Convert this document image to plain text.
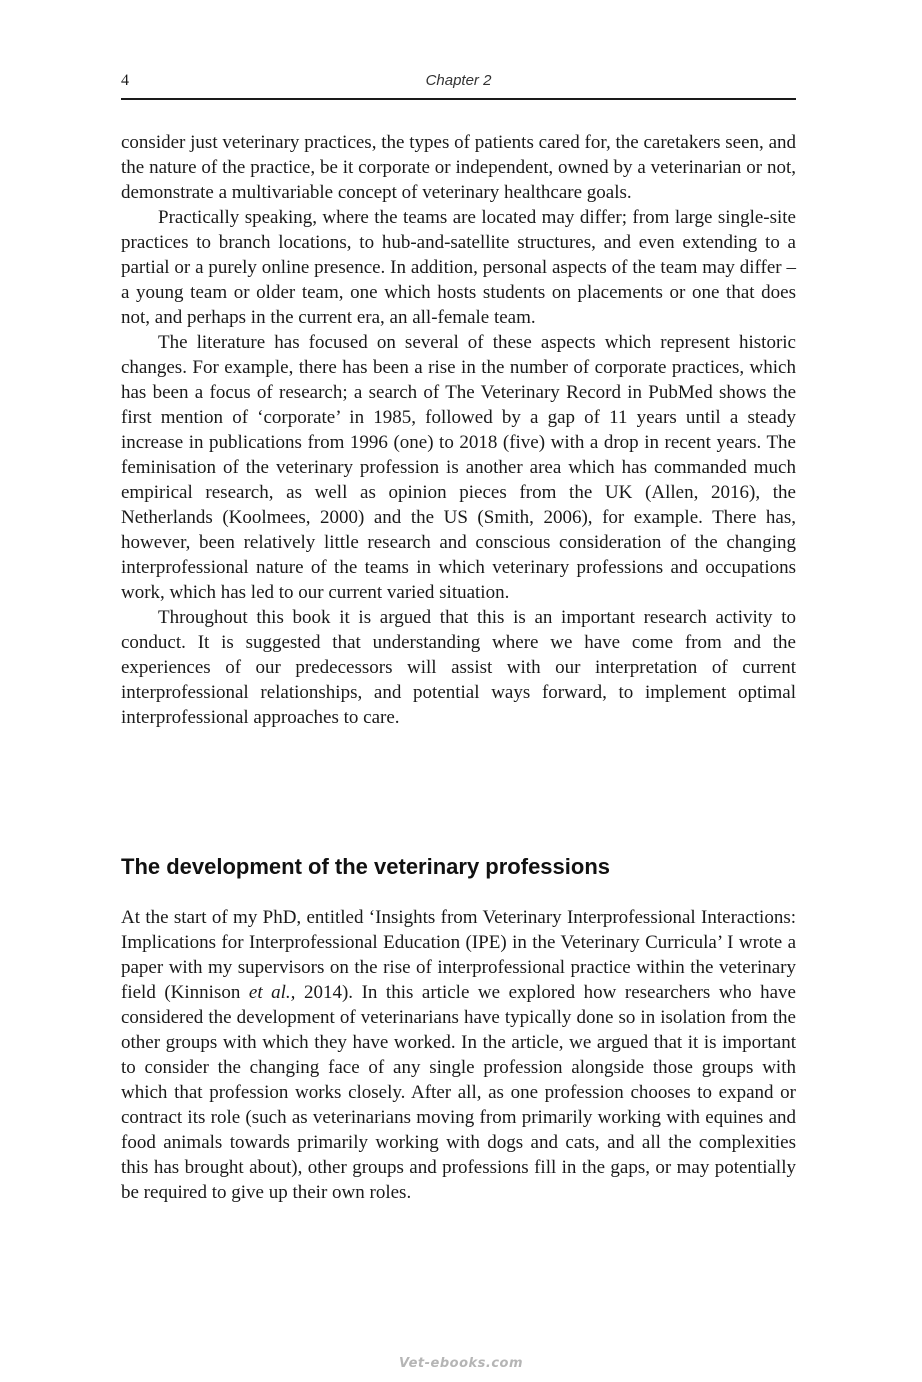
4	Chapter 2

consider just veterinary practices, the types of patients cared for, the caretakers seen, and the nature of the practice, be it corporate or independent, owned by a veterinarian or not, demonstrate a multivariable concept of veterinary healthcare goals.

Practically speaking, where the teams are located may differ; from large single-site practices to branch locations, to hub-and-satellite structures, and even extending to a partial or a purely online presence. In addition, personal aspects of the team may differ – a young team or older team, one which hosts students on placements or one that does not, and perhaps in the current era, an all-female team.

The literature has focused on several of these aspects which represent historic changes. For example, there has been a rise in the number of corporate practices, which has been a focus of research; a search of The Veterinary Record in PubMed shows the first mention of ‘corporate’ in 1985, followed by a gap of 11 years until a steady increase in publications from 1996 (one) to 2018 (five) with a drop in recent years. The feminisation of the veterinary profession is another area which has commanded much empirical research, as well as opinion pieces from the UK (Allen, 2016), the Netherlands (Koolmees, 2000) and the US (Smith, 2006), for example. There has, however, been relatively little research and conscious consideration of the changing interprofessional nature of the teams in which veterinary professions and occupations work, which has led to our current varied situation.

Throughout this book it is argued that this is an important research activity to conduct. It is suggested that understanding where we have come from and the experiences of our predecessors will assist with our interpretation of current interprofessional relationships, and potential ways forward, to implement optimal interprofessional approaches to care.

The development of the veterinary professions

At the start of my PhD, entitled ‘Insights from Veterinary Interprofessional Interactions: Implications for Interprofessional Education (IPE) in the Veterinary Curricula’ I wrote a paper with my supervisors on the rise of interprofessional practice within the veterinary field (Kinnison et al., 2014). In this article we explored how researchers who have considered the development of veterinarians have typically done so in isolation from the other groups with which they have worked. In the article, we argued that it is important to consider the changing face of any single profession alongside those groups with which that profession works closely. After all, as one profession chooses to expand or contract its role (such as veterinarians moving from primarily working with equines and food animals towards primarily working with dogs and cats, and all the complexities this has brought about), other groups and professions fill in the gaps, or may potentially be required to give up their own roles.

Vet-ebooks.com
